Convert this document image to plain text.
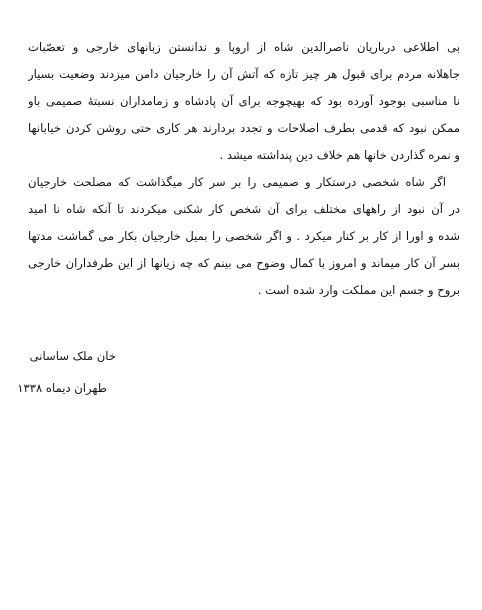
بی اطلاعی درباریان ناصرالدین شاه از اروپا و ندانستن زبانهای خارجی و تعصّبات
جاهلانه مردم برای قبول هر چیز تازه که آتش آن را خارجیان دامن میزدند وضعیت بسیار
نا مناسبی بوجود آورده بود که بهیچوجه برای آن پادشاه و زمامداران نسبتهٔ صمیمی باو
ممکن نبود که قدمی بطرف اصلاحات و تجدد بردارند هر کاری حتی روشن کردن خیابانها
و نمره گذاردن خانها هم خلاف دین پنداشته میشد .
اگر شاه شخصی درستکار و صمیمی را بر سر کار میگذاشت که مصلحت خارجیان
در آن نبود از راههای مختلف برای آن شخص کار شکنی میکردند تا آنکه شاه نا امید
شده و اورا از کار بر کنار میکرد . و اگر شخصی را بمیل خارجیان بکار می گماشت مدتها
بسر آن کار میماند و امروز با کمال وضوح می بینم که چه زیانها از این طرفداران خارجی
بروح و جسم این مملکت وارد شده است .
خان ملک ساسانی
طهران دیماه ۱۳۳۸
